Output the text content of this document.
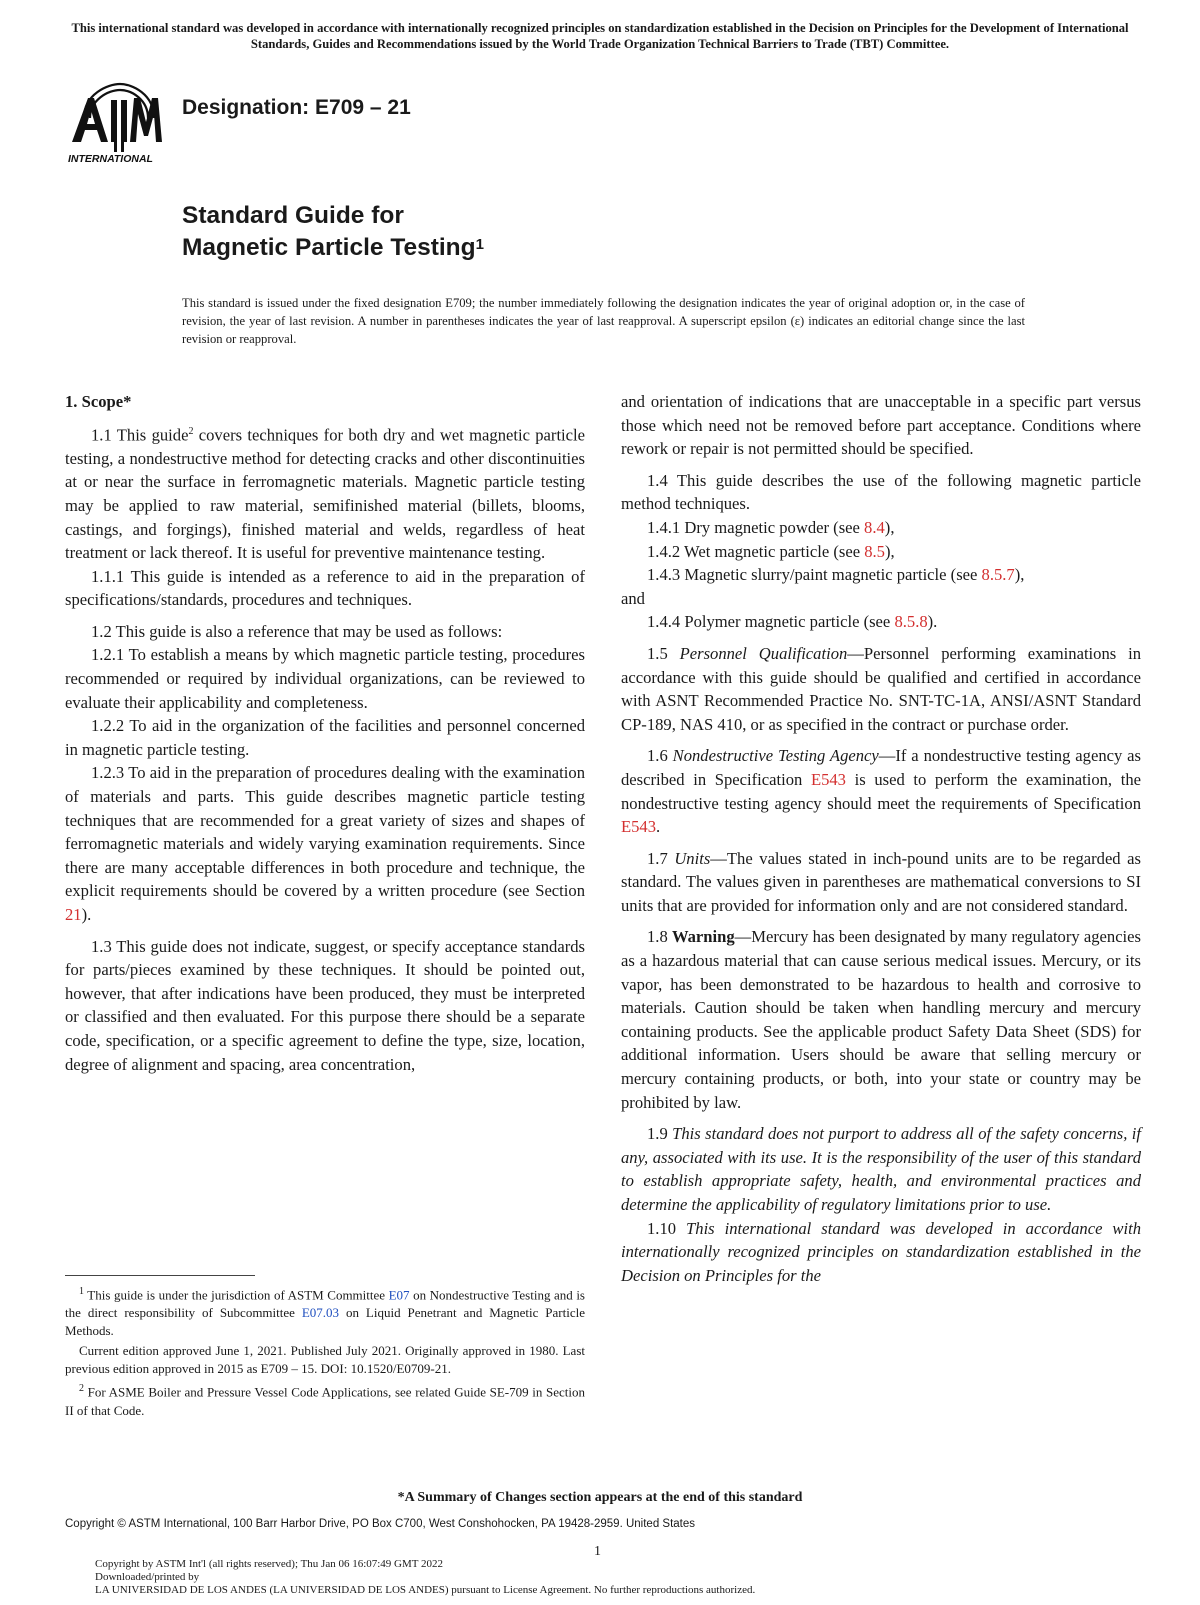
This international standard was developed in accordance with internationally recognized principles on standardization established in the Decision on Principles for the Development of International Standards, Guides and Recommendations issued by the World Trade Organization Technical Barriers to Trade (TBT) Committee.
INTERNATIONAL
Designation: E709 – 21
Standard Guide for
Magnetic Particle Testing$^1$
This standard is issued under the fixed designation E709; the number immediately following the designation indicates the year of original adoption or, in the case of revision, the year of last revision. A number in parentheses indicates the year of last reapproval. A superscript epsilon (ε) indicates an editorial change since the last revision or reapproval.

1. Scope*

1.1 This guide$^2$ covers techniques for both dry and wet magnetic particle testing, a nondestructive method for detecting cracks and other discontinuities at or near the surface in ferromagnetic materials. Magnetic particle testing may be applied to raw material, semifinished material (billets, blooms, castings, and forgings), finished material and welds, regardless of heat treatment or lack thereof. It is useful for preventive maintenance testing.

1.1.1 This guide is intended as a reference to aid in the preparation of specifications/standards, procedures and techniques.

1.2 This guide is also a reference that may be used as follows:

1.2.1 To establish a means by which magnetic particle testing, procedures recommended or required by individual organizations, can be reviewed to evaluate their applicability and completeness.

1.2.2 To aid in the organization of the facilities and personnel concerned in magnetic particle testing.

1.2.3 To aid in the preparation of procedures dealing with the examination of materials and parts. This guide describes magnetic particle testing techniques that are recommended for a great variety of sizes and shapes of ferromagnetic materials and widely varying examination requirements. Since there are many acceptable differences in both procedure and technique, the explicit requirements should be covered by a written procedure (see Section 21).

1.3 This guide does not indicate, suggest, or specify acceptance standards for parts/pieces examined by these techniques. It should be pointed out, however, that after indications have been produced, they must be interpreted or classified and then evaluated. For this purpose there should be a separate code, specification, or a specific agreement to define the type, size, location, degree of alignment and spacing, area concentration,

and orientation of indications that are unacceptable in a specific part versus those which need not be removed before part acceptance. Conditions where rework or repair is not permitted should be specified.

1.4 This guide describes the use of the following magnetic particle method techniques.

1.4.1 Dry magnetic powder (see 8.4),

1.4.2 Wet magnetic particle (see 8.5),

1.4.3 Magnetic slurry/paint magnetic particle (see 8.5.7),

and

1.4.4 Polymer magnetic particle (see 8.5.8).

1.5 Personnel Qualification—Personnel performing examinations in accordance with this guide should be qualified and certified in accordance with ASNT Recommended Practice No. SNT-TC-1A, ANSI/ASNT Standard CP-189, NAS 410, or as specified in the contract or purchase order.

1.6 Nondestructive Testing Agency—If a nondestructive testing agency as described in Specification E543 is used to perform the examination, the nondestructive testing agency should meet the requirements of Specification E543.

1.7 Units—The values stated in inch-pound units are to be regarded as standard. The values given in parentheses are mathematical conversions to SI units that are provided for information only and are not considered standard.

1.8 Warning—Mercury has been designated by many regulatory agencies as a hazardous material that can cause serious medical issues. Mercury, or its vapor, has been demonstrated to be hazardous to health and corrosive to materials. Caution should be taken when handling mercury and mercury containing products. See the applicable product Safety Data Sheet (SDS) for additional information. Users should be aware that selling mercury or mercury containing products, or both, into your state or country may be prohibited by law.

1.9 This standard does not purport to address all of the safety concerns, if any, associated with its use. It is the responsibility of the user of this standard to establish appropriate safety, health, and environmental practices and determine the applicability of regulatory limitations prior to use.

1.10 This international standard was developed in accordance with internationally recognized principles on standardization established in the Decision on Principles for the

$^1$ This guide is under the jurisdiction of ASTM Committee E07 on Nondestructive Testing and is the direct responsibility of Subcommittee E07.03 on Liquid Penetrant and Magnetic Particle Methods.

Current edition approved June 1, 2021. Published July 2021. Originally approved in 1980. Last previous edition approved in 2015 as E709 – 15. DOI: 10.1520/E0709-21.

$^2$ For ASME Boiler and Pressure Vessel Code Applications, see related Guide SE-709 in Section II of that Code.

*A Summary of Changes section appears at the end of this standard
Copyright © ASTM International, 100 Barr Harbor Drive, PO Box C700, West Conshohocken, PA 19428-2959. United States
1
Copyright by ASTM Int'l (all rights reserved); Thu Jan 06 16:07:49 GMT 2022
Downloaded/printed by
LA UNIVERSIDAD DE LOS ANDES (LA UNIVERSIDAD DE LOS ANDES) pursuant to License Agreement. No further reproductions authorized.
